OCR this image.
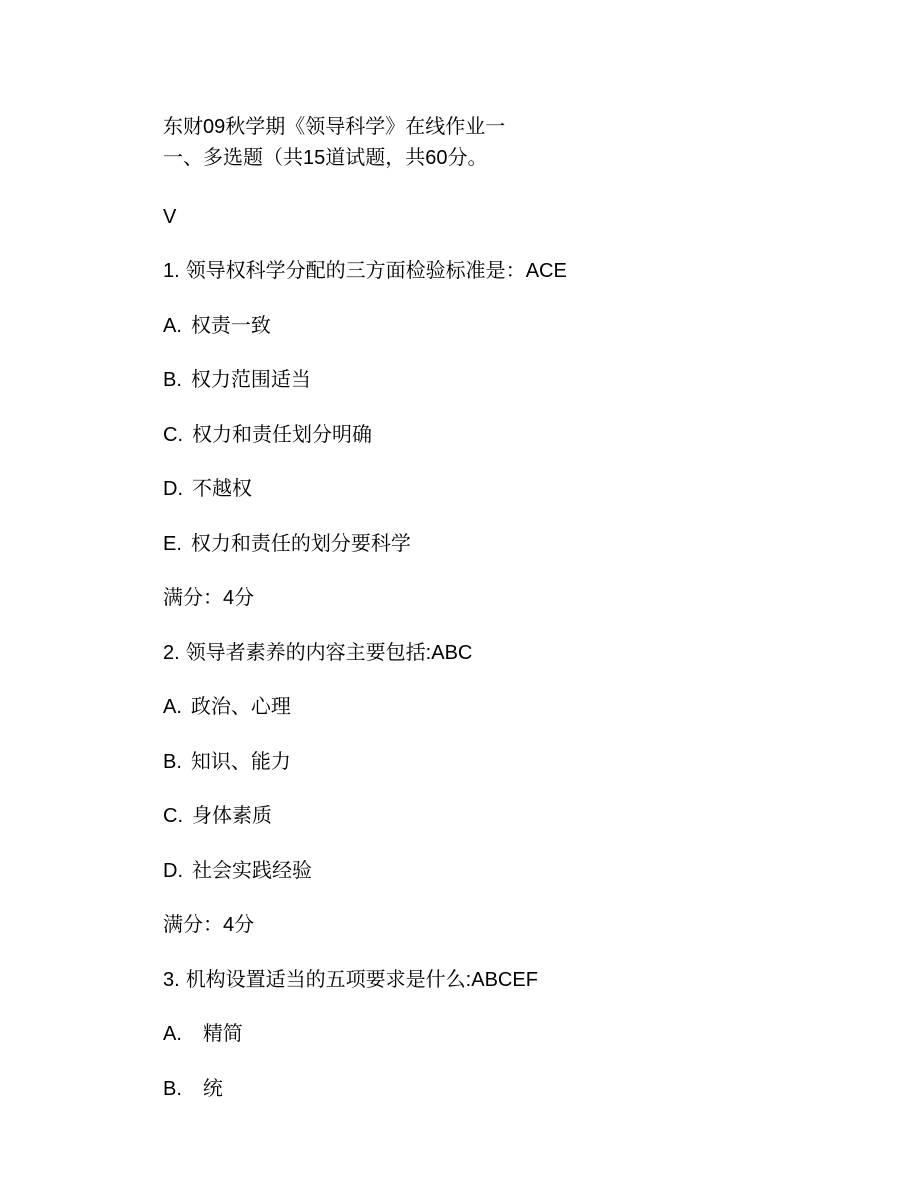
东财09秋学期《领导科学》在线作业一
一、多选题（共15道试题，共60分。
V
1. 领导权科学分配的三方面检验标准是：ACE
A. 权责一致
B. 权力范围适当
C. 权力和责任划分明确
D. 不越权
E. 权力和责任的划分要科学
满分：4分
2. 领导者素养的内容主要包括:ABC
A. 政治、心理
B. 知识、能力
C. 身体素质
D. 社会实践经验
满分：4分
3. 机构设置适当的五项要求是什么:ABCEF
A. 精简
B. 统
